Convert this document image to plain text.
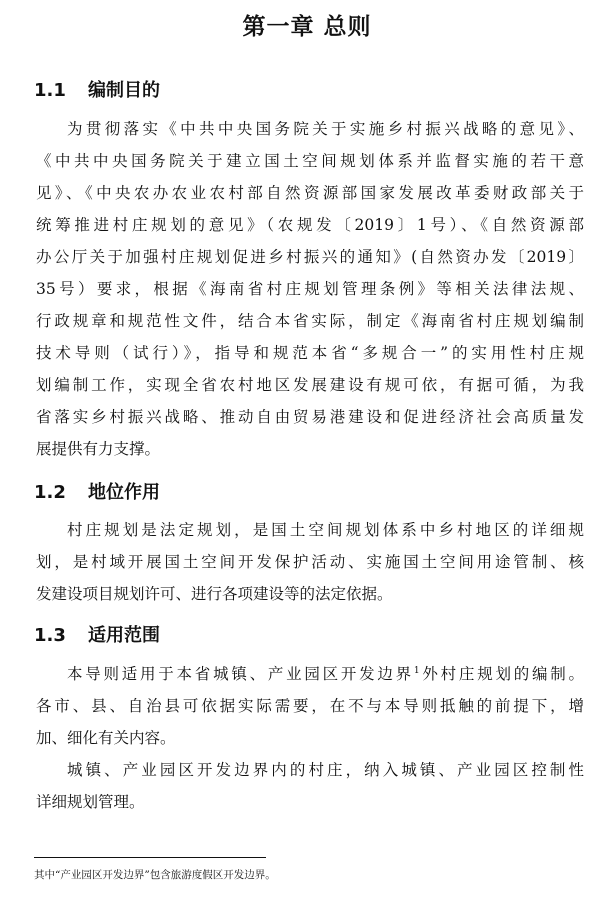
第一章 总则
1.1 编制目的
为贯彻落实《中共中央国务院关于实施乡村振兴战略的意见》、
《中共中央国务院关于建立国土空间规划体系并监督实施的若干意
见》、《中央农办农业农村部自然资源部国家发展改革委财政部关于
统筹推进村庄规划的意见》（农规发〔2019〕1号）、《自然资源部
办公厅关于加强村庄规划促进乡村振兴的通知》(自然资办发〔2019〕
35号）要求，根据《海南省村庄规划管理条例》等相关法律法规、
行政规章和规范性文件，结合本省实际，制定《海南省村庄规划编制
技术导则（试行）》，指导和规范本省“多规合一”的实用性村庄规
划编制工作，实现全省农村地区发展建设有规可依，有据可循，为我
省落实乡村振兴战略、推动自由贸易港建设和促进经济社会高质量发
展提供有力支撑。
1.2 地位作用
村庄规划是法定规划，是国土空间规划体系中乡村地区的详细规
划，是村域开展国土空间开发保护活动、实施国土空间用途管制、核
发建设项目规划许可、进行各项建设等的法定依据。
1.3 适用范围
本导则适用于本省城镇、产业园区开发边界$^1$外村庄规划的编制。
各市、县、自治县可依据实际需要，在不与本导则抵触的前提下，增
加、细化有关内容。
城镇、产业园区开发边界内的村庄，纳入城镇、产业园区控制性
详细规划管理。
其中“产业园区开发边界”包含旅游度假区开发边界。
